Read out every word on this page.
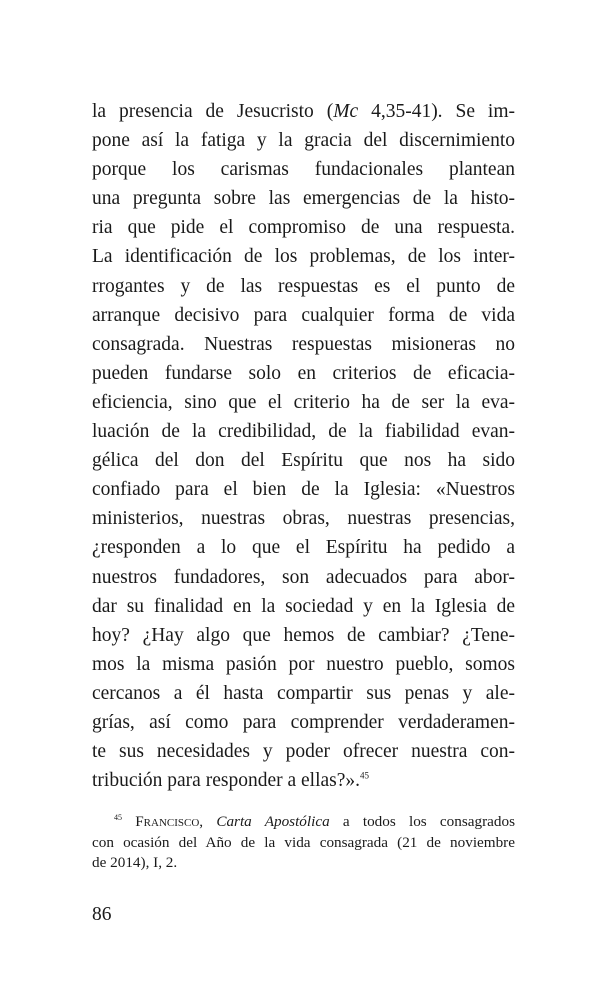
la presencia de Jesucristo (Mc 4,35-41). Se im-
pone así la fatiga y la gracia del discernimiento
porque los carismas fundacionales plantean
una pregunta sobre las emergencias de la histo-
ria que pide el compromiso de una respuesta.
La identificación de los problemas, de los inter-
rrogantes y de las respuestas es el punto de
arranque decisivo para cualquier forma de vida
consagrada. Nuestras respuestas misioneras no
pueden fundarse solo en criterios de eficacia-
eficiencia, sino que el criterio ha de ser la eva-
luación de la credibilidad, de la fiabilidad evan-
gélica del don del Espíritu que nos ha sido
confiado para el bien de la Iglesia: «Nuestros
ministerios, nuestras obras, nuestras presencias,
¿responden a lo que el Espíritu ha pedido a
nuestros fundadores, son adecuados para abor-
dar su finalidad en la sociedad y en la Iglesia de
hoy? ¿Hay algo que hemos de cambiar? ¿Tene-
mos la misma pasión por nuestro pueblo, somos
cercanos a él hasta compartir sus penas y ale-
grías, así como para comprender verdaderamen-
te sus necesidades y poder ofrecer nuestra con-
tribución para responder a ellas?».$^{45}$
$^{45}$ Francisco, Carta Apostólica a todos los consagrados
con ocasión del Año de la vida consagrada (21 de noviembre
de 2014), I, 2.
86
